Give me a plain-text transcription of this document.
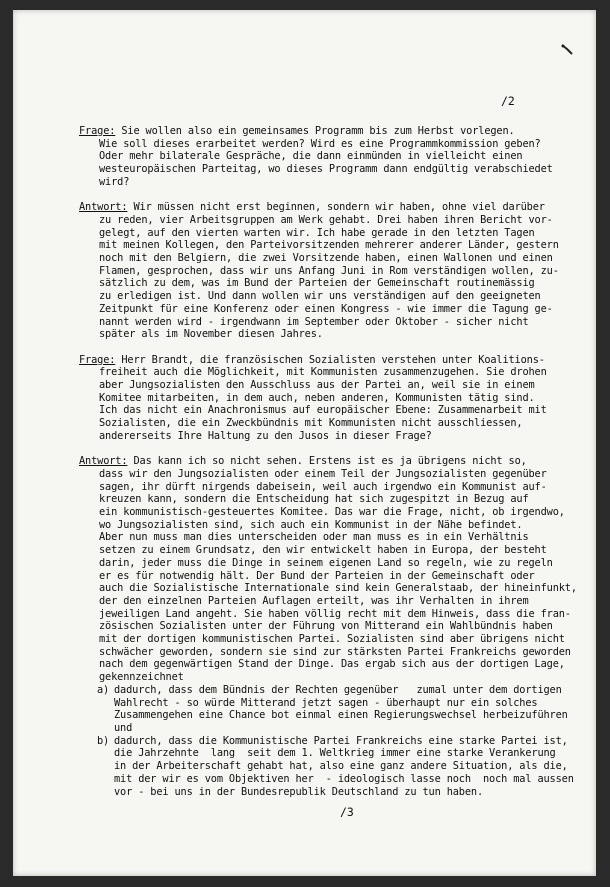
/2
Frage: Sie wollen also ein gemeinsames Programm bis zum Herbst vorlegen.
Wie soll dieses erarbeitet werden? Wird es eine Programmkommission geben?
Oder mehr bilaterale Gespräche, die dann einmünden in vielleicht einen
westeuropäischen Parteitag, wo dieses Programm dann endgültig verabschiedet
wird?
Antwort: Wir müssen nicht erst beginnen, sondern wir haben, ohne viel darüber
zu reden, vier Arbeitsgruppen am Werk gehabt. Drei haben ihren Bericht vor-
gelegt, auf den vierten warten wir. Ich habe gerade in den letzten Tagen
mit meinen Kollegen, den Parteivorsitzenden mehrerer anderer Länder, gestern
noch mit den Belgiern, die zwei Vorsitzende haben, einen Wallonen und einen
Flamen, gesprochen, dass wir uns Anfang Juni in Rom verständigen wollen, zu-
sätzlich zu dem, was im Bund der Parteien der Gemeinschaft routinemässig
zu erledigen ist. Und dann wollen wir uns verständigen auf den geeigneten
Zeitpunkt für eine Konferenz oder einen Kongress - wie immer die Tagung ge-
nannt werden wird - irgendwann im September oder Oktober - sicher nicht
später als im November diesen Jahres.
Frage: Herr Brandt, die französischen Sozialisten verstehen unter Koalitions-
freiheit auch die Möglichkeit, mit Kommunisten zusammenzugehen. Sie drohen
aber Jungsozialisten den Ausschluss aus der Partei an, weil sie in einem
Komitee mitarbeiten, in dem auch, neben anderen, Kommunisten tätig sind.
Ich das nicht ein Anachronismus auf europäischer Ebene: Zusammenarbeit mit
Sozialisten, die ein Zweckbündnis mit Kommunisten nicht ausschliessen,
andererseits Ihre Haltung zu den Jusos in dieser Frage?
Antwort: Das kann ich so nicht sehen. Erstens ist es ja übrigens nicht so,
dass wir den Jungsozialisten oder einem Teil der Jungsozialisten gegenüber
sagen, ihr dürft nirgends dabeisein, weil auch irgendwo ein Kommunist auf-
kreuzen kann, sondern die Entscheidung hat sich zugespitzt in Bezug auf
ein kommunistisch-gesteuertes Komitee. Das war die Frage, nicht, ob irgendwo,
wo Jungsozialisten sind, sich auch ein Kommunist in der Nähe befindet.
Aber nun muss man dies unterscheiden oder man muss es in ein Verhältnis
setzen zu einem Grundsatz, den wir entwickelt haben in Europa, der besteht
darin, jeder muss die Dinge in seinem eigenen Land so regeln, wie zu regeln
er es für notwendig hält. Der Bund der Parteien in der Gemeinschaft oder
auch die Sozialistische Internationale sind kein Generalstaab, der hineinfunkt,
der den einzelnen Parteien Auflagen erteilt, was ihr Verhalten in ihrem
jeweiligen Land angeht. Sie haben völlig recht mit dem Hinweis, dass die fran-
zösischen Sozialisten unter der Führung von Mitterand ein Wahlbündnis haben
mit der dortigen kommunistischen Partei. Sozialisten sind aber übrigens nicht
schwächer geworden, sondern sie sind zur stärksten Partei Frankreichs geworden
nach dem gegenwärtigen Stand der Dinge. Das ergab sich aus der dortigen Lage,
gekennzeichnet
a) dadurch, dass dem Bündnis der Rechten gegenüber   zumal unter dem dortigen
Wahlrecht - so würde Mitterand jetzt sagen - überhaupt nur ein solches
Zusammengehen eine Chance bot einmal einen Regierungswechsel herbeizuführen
und
b) dadurch, dass die Kommunistische Partei Frankreichs eine starke Partei ist,
die Jahrzehnte  lang  seit dem 1. Weltkrieg immer eine starke Verankerung
in der Arbeiterschaft gehabt hat, also eine ganz andere Situation, als die,
mit der wir es vom Objektiven her  - ideologisch lasse noch  noch mal aussen
vor - bei uns in der Bundesrepublik Deutschland zu tun haben.
/3
